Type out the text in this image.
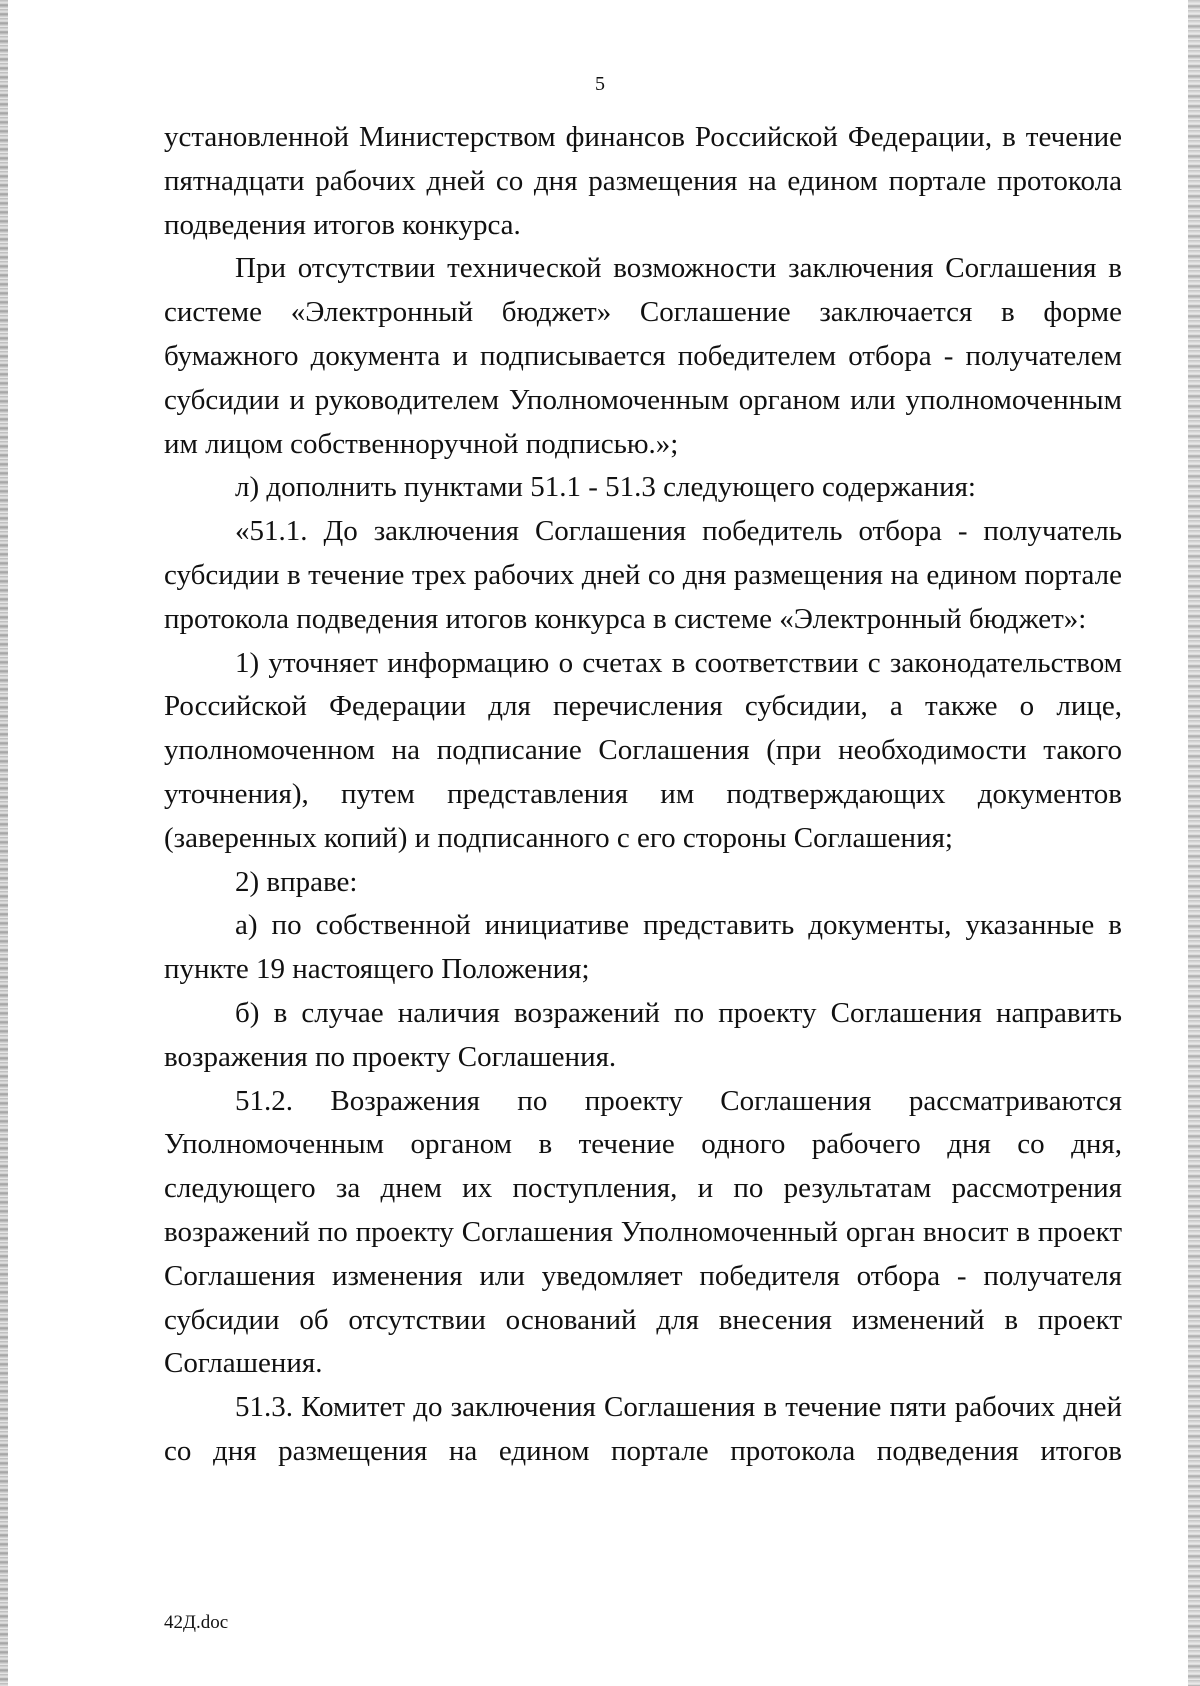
5

установленной Министерством финансов Российской Федерации, в течение пятнадцати рабочих дней со дня размещения на едином портале протокола подведения итогов конкурса.

При отсутствии технической возможности заключения Соглашения в системе «Электронный бюджет» Соглашение заключается в форме бумажного документа и подписывается победителем отбора - получателем субсидии и руководителем Уполномоченным органом или уполномоченным им лицом собственноручной подписью.»;

л) дополнить пунктами 51.1 - 51.3 следующего содержания:

«51.1. До заключения Соглашения победитель отбора - получатель субсидии в течение трех рабочих дней со дня размещения на едином портале протокола подведения итогов конкурса в системе «Электронный бюджет»:

1) уточняет информацию о счетах в соответствии с законодательством Российской Федерации для перечисления субсидии, а также о лице, уполномоченном на подписание Соглашения (при необходимости такого уточнения), путем представления им подтверждающих документов (заверенных копий) и подписанного с его стороны Соглашения;

2) вправе:

а) по собственной инициативе представить документы, указанные в пункте 19 настоящего Положения;

б) в случае наличия возражений по проекту Соглашения направить возражения по проекту Соглашения.

51.2. Возражения по проекту Соглашения рассматриваются Уполномоченным органом в течение одного рабочего дня со дня, следующего за днем их поступления, и по результатам рассмотрения возражений по проекту Соглашения Уполномоченный орган вносит в проект Соглашения изменения или уведомляет победителя отбора - получателя субсидии об отсутствии оснований для внесения изменений в проект Соглашения.

51.3. Комитет до заключения Соглашения в течение пяти рабочих дней со дня размещения на едином портале протокола подведения итогов

42Д.doc
